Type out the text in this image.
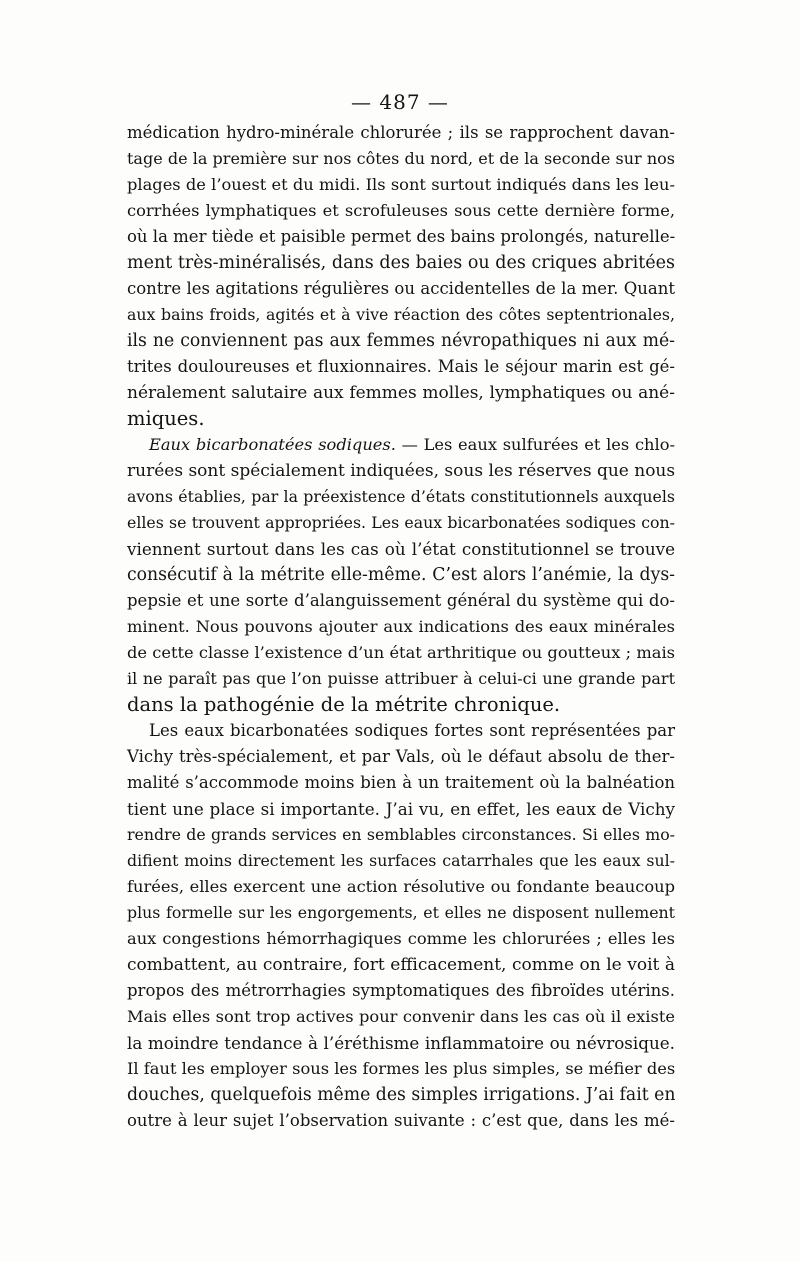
— 487 —
médication hydro-minérale chlorurée ; ils se rapprochent davan-
tage de la première sur nos côtes du nord, et de la seconde sur nos
plages de l’ouest et du midi. Ils sont surtout indiqués dans les leu-
corrhées lymphatiques et scrofuleuses sous cette dernière forme,
où la mer tiède et paisible permet des bains prolongés, naturelle-
ment très-minéralisés, dans des baies ou des criques abritées
contre les agitations régulières ou accidentelles de la mer. Quant
aux bains froids, agités et à vive réaction des côtes septentrionales,
ils ne conviennent pas aux femmes névropathiques ni aux mé-
trites douloureuses et fluxionnaires. Mais le séjour marin est gé-
néralement salutaire aux femmes molles, lymphatiques ou ané-
miques.
Eaux bicarbonatées sodiques. — Les eaux sulfurées et les chlo-
rurées sont spécialement indiquées, sous les réserves que nous
avons établies, par la préexistence d’états constitutionnels auxquels
elles se trouvent appropriées. Les eaux bicarbonatées sodiques con-
viennent surtout dans les cas où l’état constitutionnel se trouve
consécutif à la métrite elle-même. C’est alors l’anémie, la dys-
pepsie et une sorte d’alanguissement général du système qui do-
minent. Nous pouvons ajouter aux indications des eaux minérales
de cette classe l’existence d’un état arthritique ou goutteux ; mais
il ne paraît pas que l’on puisse attribuer à celui-ci une grande part
dans la pathogénie de la métrite chronique.
Les eaux bicarbonatées sodiques fortes sont représentées par
Vichy très-spécialement, et par Vals, où le défaut absolu de ther-
malité s’accommode moins bien à un traitement où la balnéation
tient une place si importante. J’ai vu, en effet, les eaux de Vichy
rendre de grands services en semblables circonstances. Si elles mo-
difient moins directement les surfaces catarrhales que les eaux sul-
furées, elles exercent une action résolutive ou fondante beaucoup
plus formelle sur les engorgements, et elles ne disposent nullement
aux congestions hémorrhagiques comme les chlorurées ; elles les
combattent, au contraire, fort efficacement, comme on le voit à
propos des métrorrhagies symptomatiques des fibroïdes utérins.
Mais elles sont trop actives pour convenir dans les cas où il existe
la moindre tendance à l’éréthisme inflammatoire ou névrosique.
Il faut les employer sous les formes les plus simples, se méfier des
douches, quelquefois même des simples irrigations. J’ai fait en
outre à leur sujet l’observation suivante : c’est que, dans les mé-
